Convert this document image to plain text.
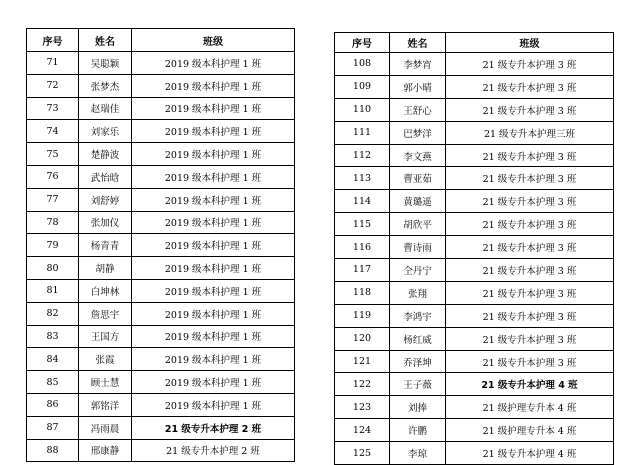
序号	姓名	班级
71	吴聪颖	2019 级本科护理 1 班
72	张梦杰	2019 级本科护理 1 班
73	赵瑞佳	2019 级本科护理 1 班
74	刘家乐	2019 级本科护理 1 班
75	楚静波	2019 级本科护理 1 班
76	武怡晗	2019 级本科护理 1 班
77	刘舒婷	2019 级本科护理 1 班
78	张加仪	2019 级本科护理 1 班
79	杨青青	2019 级本科护理 1 班
80	胡静	2019 级本科护理 1 班
81	白坤林	2019 级本科护理 1 班
82	詹思宇	2019 级本科护理 1 班
83	王国方	2019 级本科护理 1 班
84	张霞	2019 级本科护理 1 班
85	顾士慧	2019 级本科护理 1 班
86	郭铭洋	2019 级本科护理 1 班
87	冯雨晨	21 级专升本护理 2 班
88	邢康静	21 级专升本护理 2 班
序号	姓名	班级
108	李梦宵	21 级专升本护理 3 班
109	郭小晴	21 级专升本护理 3 班
110	王舒心	21 级专升本护理 3 班
111	巴梦洋	21 级专升本护理三班
112	李文燕	21 级专升本护理 3 班
113	曹亚茹	21 级专升本护理 3 班
114	黄璐遥	21 级专升本护理 3 班
115	胡欣平	21 级专升本护理 3 班
116	曹诗雨	21 级专升本护理 3 班
117	仝丹宁	21 级专升本护理 3 班
118	张翔	21 级专升本护理 3 班
119	李鸿宇	21 级专升本护理 3 班
120	杨红威	21 级专升本护理 3 班
121	乔泽坤	21 级专升本护理 3 班
122	王子薇	21 级专升本护理 4 班
123	刘捧	21 级护理专升本 4 班
124	许鹏	21 级护理专升本 4 班
125	李琼	21 级专升本护理 4 班
